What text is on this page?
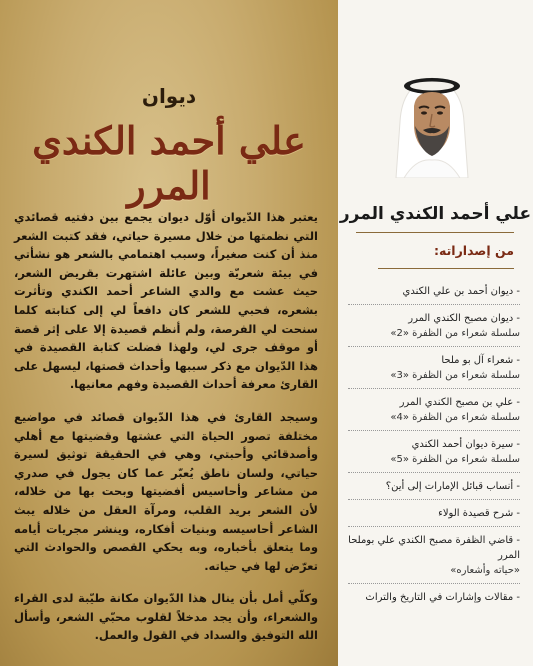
ديوان
علي أحمد الكندي المرر

يعتبر هذا الدّيوان أوّل ديوان يجمع بين دفتيه قصائدي التي نظمتها من خلال مسيرة حياتي، فقد كتبت الشعر منذ أن كنت صغيراً، وسبب اهتمامي بالشعر هو نشأتي في بيئة شعريّة وبين عائلة اشتهرت بقريض الشعر، حيث عشت مع والدي الشاعر أحمد الكندي وتأثرت بشعره، فحبي للشعر كان دافعاً لي إلى كتابته كلما سنحت لي الفرصة، ولم أنظم قصيدة إلا على إثر قصة أو موقف جرى لي، ولهذا فضلت كتابة القصيدة في هذا الدّيوان مع ذكر سببها وأحداث قصتها، ليسهل على القارئ معرفة أحداث القصيدة وفهم معانيها.

وسيجد القارئ في هذا الدّيوان قصائد في مواضيع مختلفة تصور الحياة التي عشتها وقضيتها مع أهلي وأصدقائي وأحبتي، وهي في الحقيقة توثيق لسيرة حياتي، ولسان ناطق يُعبّر عما كان يجول في صدري من مشاعر وأحاسيس أفضيتها وبحت بها من خلاله، لأن الشعر بريد القلب، ومرآة العقل من خلاله يبث الشاعر أحاسيسه وبنيات أفكاره، وينشر مجريات أيامه وما يتعلق بأخباره، وبه يحكي القصص والحوادث التي تعرّض لها في حياته.

وكلّي أمل بأن ينال هذا الدّيوان مكانة طيّبة لدى القراء والشعراء، وأن يجد مدخلاً لقلوب محبّي الشعر، وأسأل الله التوفيق والسداد في القول والعمل.

علي أحمد الكندي المرر
من إصداراته:
- ديوان أحمد بن علي الكندي
- ديوان مصبح الكندي المرر
سلسلة شعراء من الظفرة «2»
- شعراء آل بو ملحا
سلسلة شعراء من الظفرة «3»
- علي بن مصبح الكندي المرر
سلسلة شعراء من الظفرة «4»
- سيرة ديوان أحمد الكندي
سلسلة شعراء من الظفرة «5»
- أنساب قبائل الإمارات إلى أين؟
- شرح قصيدة الولاء
- قاضي الظفرة مصبح الكندي علي بوملحا المرر
«حياته وأشعاره»
- مقالات وإشارات في التاريخ والتراث
